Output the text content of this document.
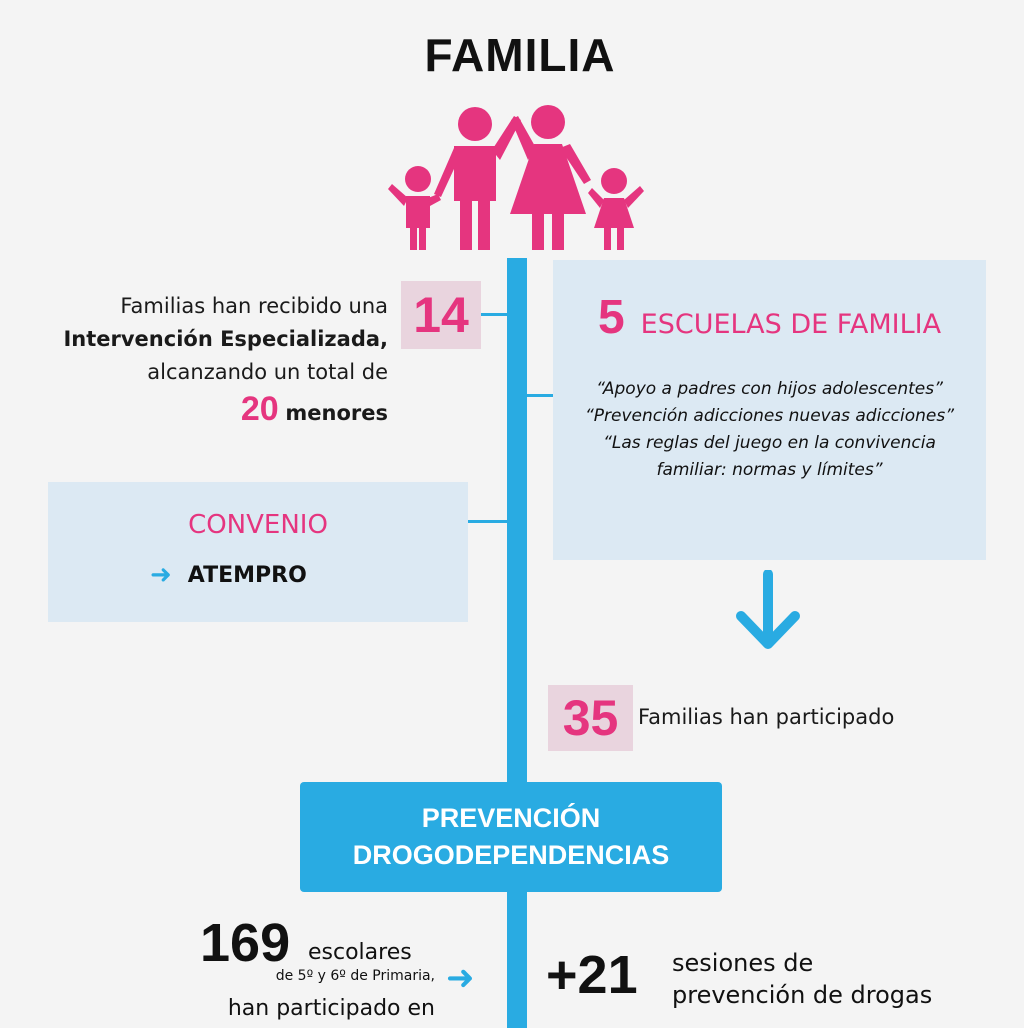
FAMILIA
Familias han recibido una
Intervención Especializada,
alcanzando un total de
20 menores
14
CONVENIO
➜ ATEMPRO
5 ESCUELAS DE FAMILIA
“Apoyo a padres con hijos adolescentes”
“Prevención adicciones nuevas adicciones”
“Las reglas del juego en la convivencia familiar: normas y límites”
35 Familias han participado
PREVENCIÓN
DROGODEPENDENCIAS
169 escolares
de 5º y 6º de Primaria,
han participado en
➜ +21 sesiones de
prevención de drogas
